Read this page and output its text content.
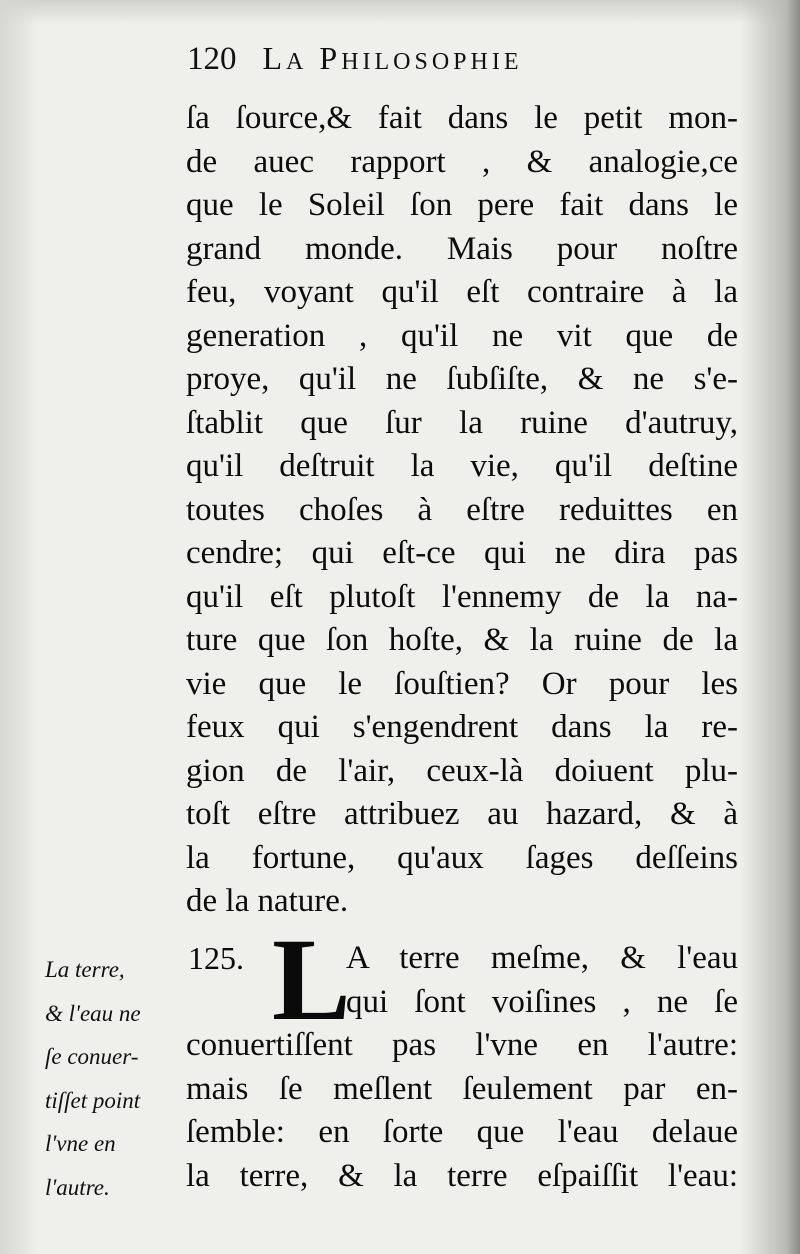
120 LA PHILOSOPHIE
ſa ſource,& fait dans le petit mon-
de auec rapport , & analogie,ce
que le Soleil ſon pere fait dans le
grand monde. Mais pour noſtre
feu, voyant qu'il eſt contraire à la
generation , qu'il ne vit que de
proye, qu'il ne ſubſiſte, & ne s'e-
ſtablit que ſur la ruine d'autruy,
qu'il deſtruit la vie, qu'il deſtine
toutes choſes à eſtre reduittes en
cendre; qui eſt-ce qui ne dira pas
qu'il eſt plutoſt l'ennemy de la na-
ture que ſon hoſte, & la ruine de la
vie que le ſouſtien? Or pour les
feux qui s'engendrent dans la re-
gion de l'air, ceux-là doiuent plu-
toſt eſtre attribuez au hazard, & à
la fortune, qu'aux ſages deſſeins
de la nature.
125. L
A terre meſme, & l'eau
qui ſont voiſines , ne ſe
conuertiſſent pas l'vne en l'autre:
mais ſe meſlent ſeulement par en-
ſemble: en ſorte que l'eau delaue
la terre, & la terre eſpaiſſit l'eau:
La terre,
& l'eau ne
ſe conuer-
tiſſet point
l'vne en
l'autre.
